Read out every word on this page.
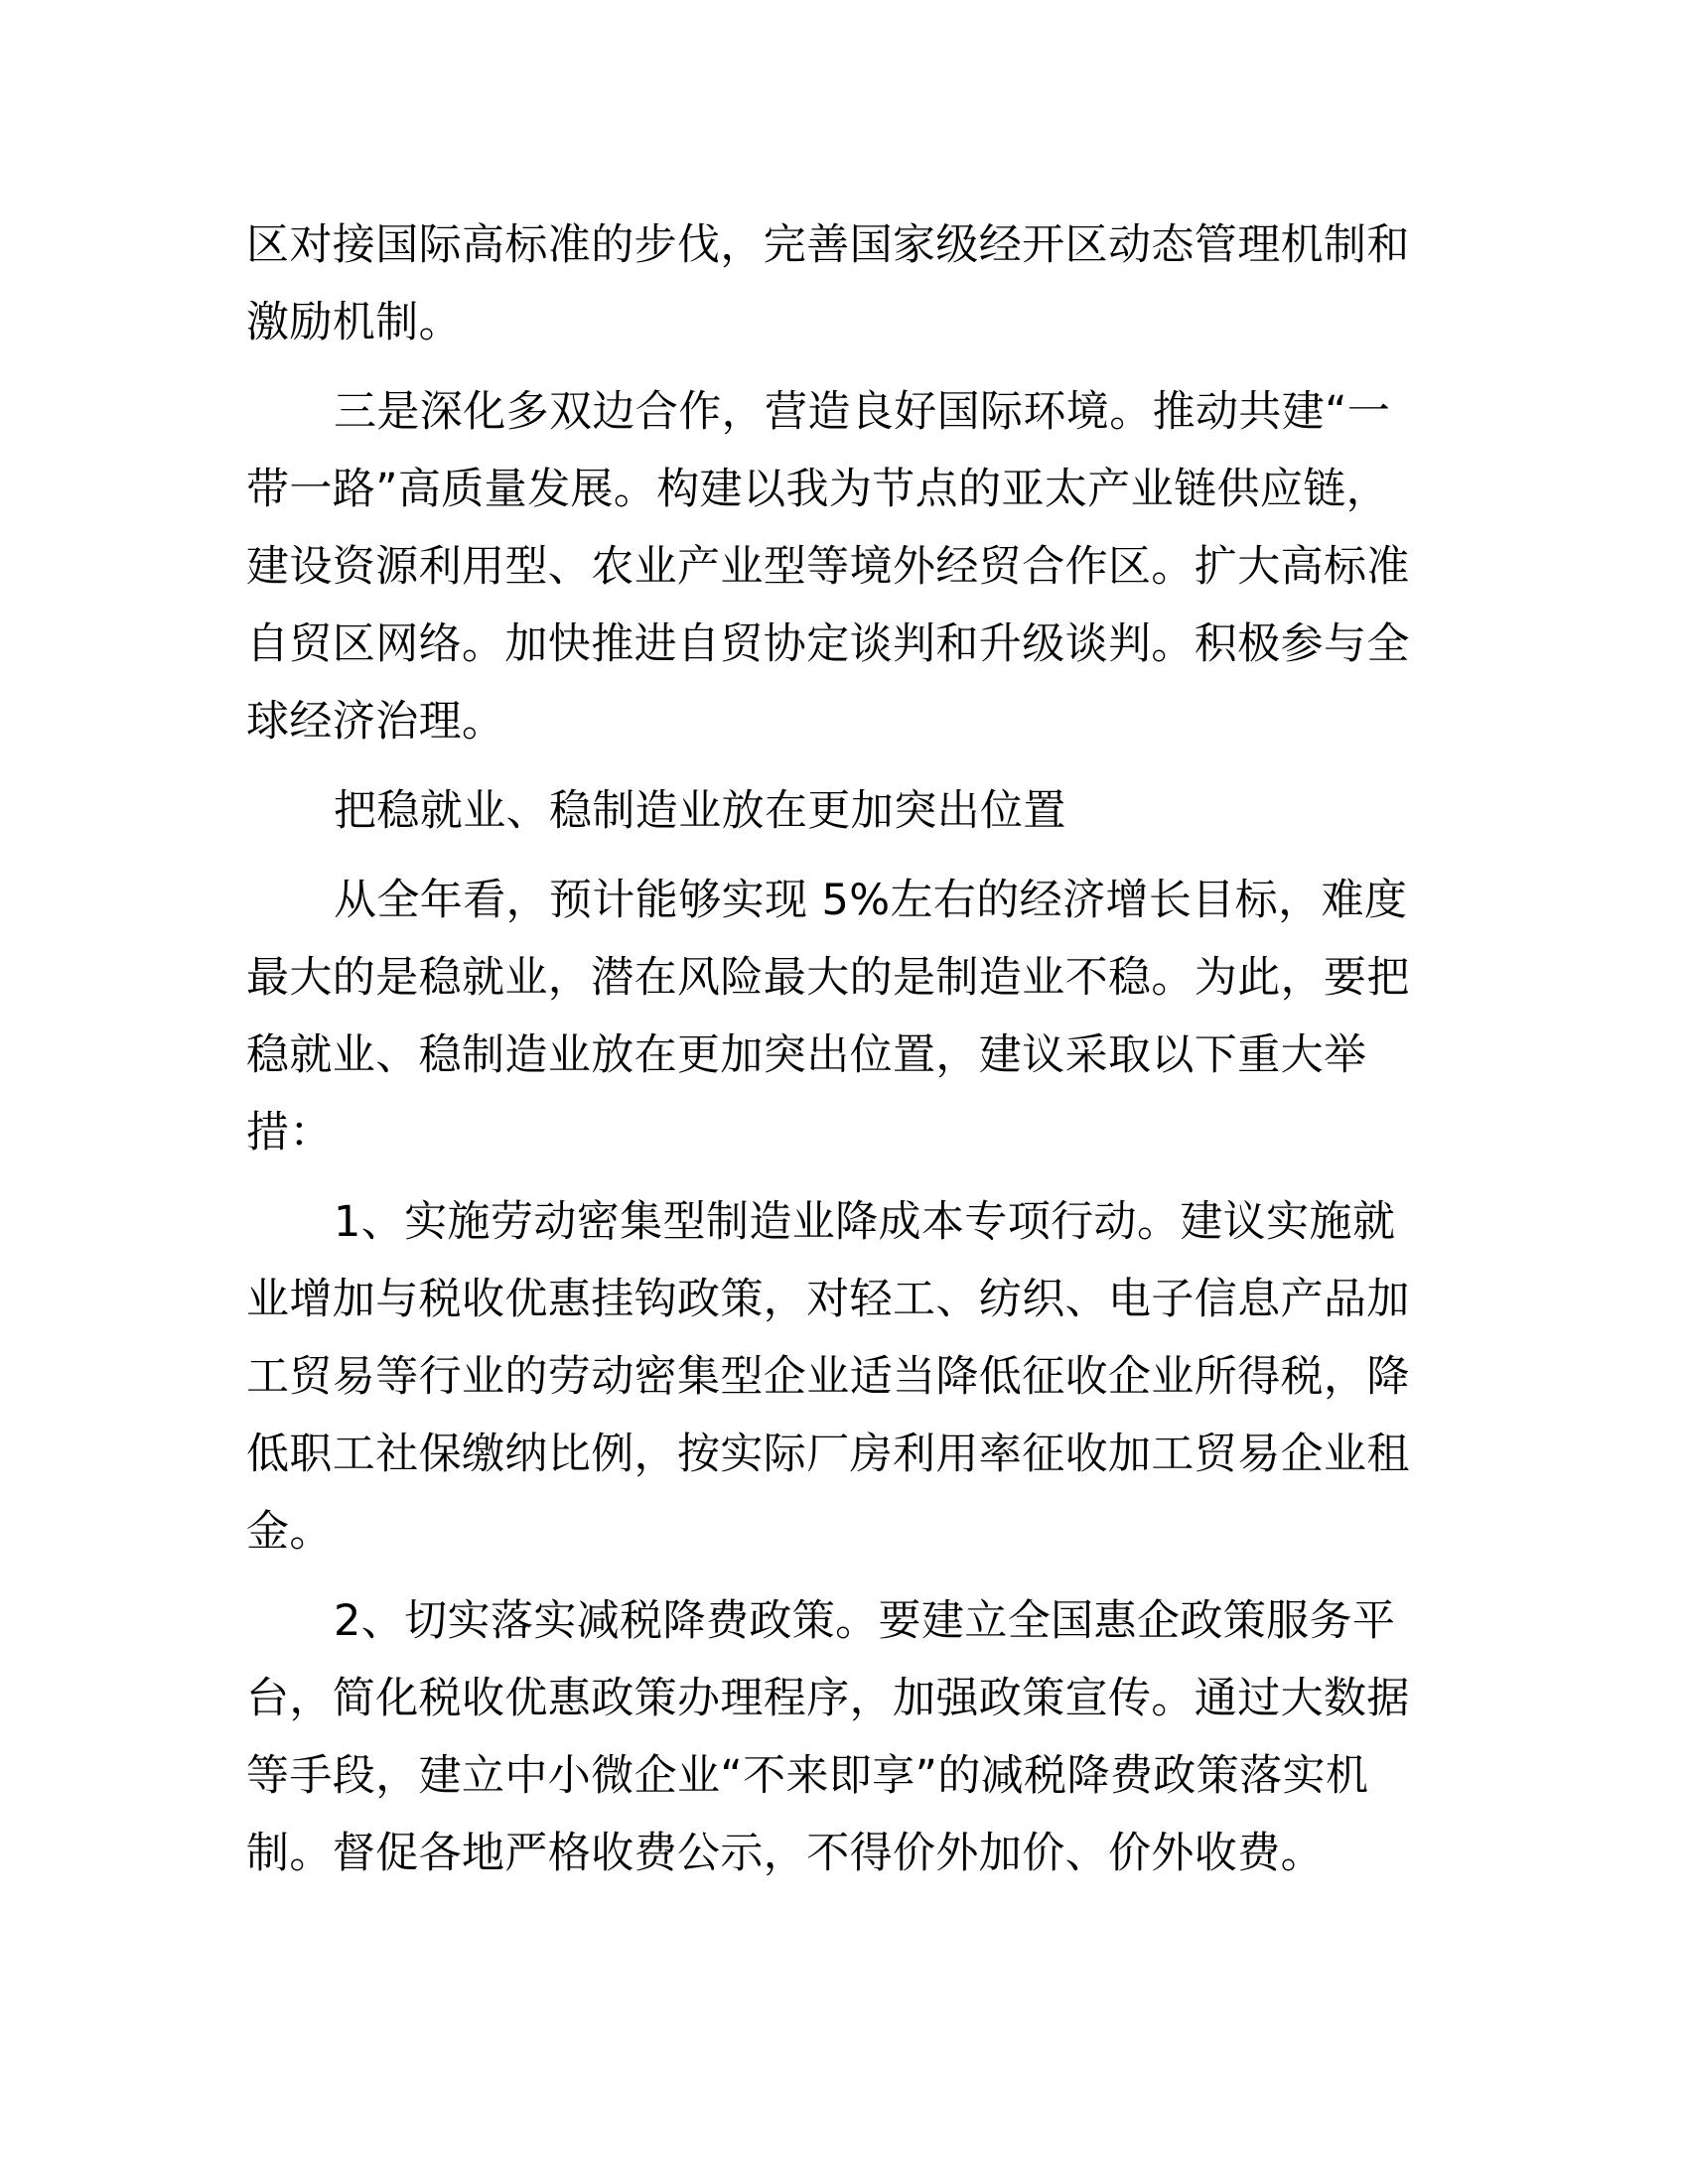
区对接国际高标准的步伐，完善国家级经开区动态管理机制和
激励机制。
三是深化多双边合作，营造良好国际环境。推动共建“一
带一路”高质量发展。构建以我为节点的亚太产业链供应链，
建设资源利用型、农业产业型等境外经贸合作区。扩大高标准
自贸区网络。加快推进自贸协定谈判和升级谈判。积极参与全
球经济治理。
把稳就业、稳制造业放在更加突出位置
从全年看，预计能够实现 5%左右的经济增长目标，难度
最大的是稳就业，潜在风险最大的是制造业不稳。为此，要把
稳就业、稳制造业放在更加突出位置，建议采取以下重大举
措：
1、实施劳动密集型制造业降成本专项行动。建议实施就
业增加与税收优惠挂钩政策，对轻工、纺织、电子信息产品加
工贸易等行业的劳动密集型企业适当降低征收企业所得税，降
低职工社保缴纳比例，按实际厂房利用率征收加工贸易企业租
金。
2、切实落实减税降费政策。要建立全国惠企政策服务平
台，简化税收优惠政策办理程序，加强政策宣传。通过大数据
等手段，建立中小微企业“不来即享”的减税降费政策落实机
制。督促各地严格收费公示，不得价外加价、价外收费。
